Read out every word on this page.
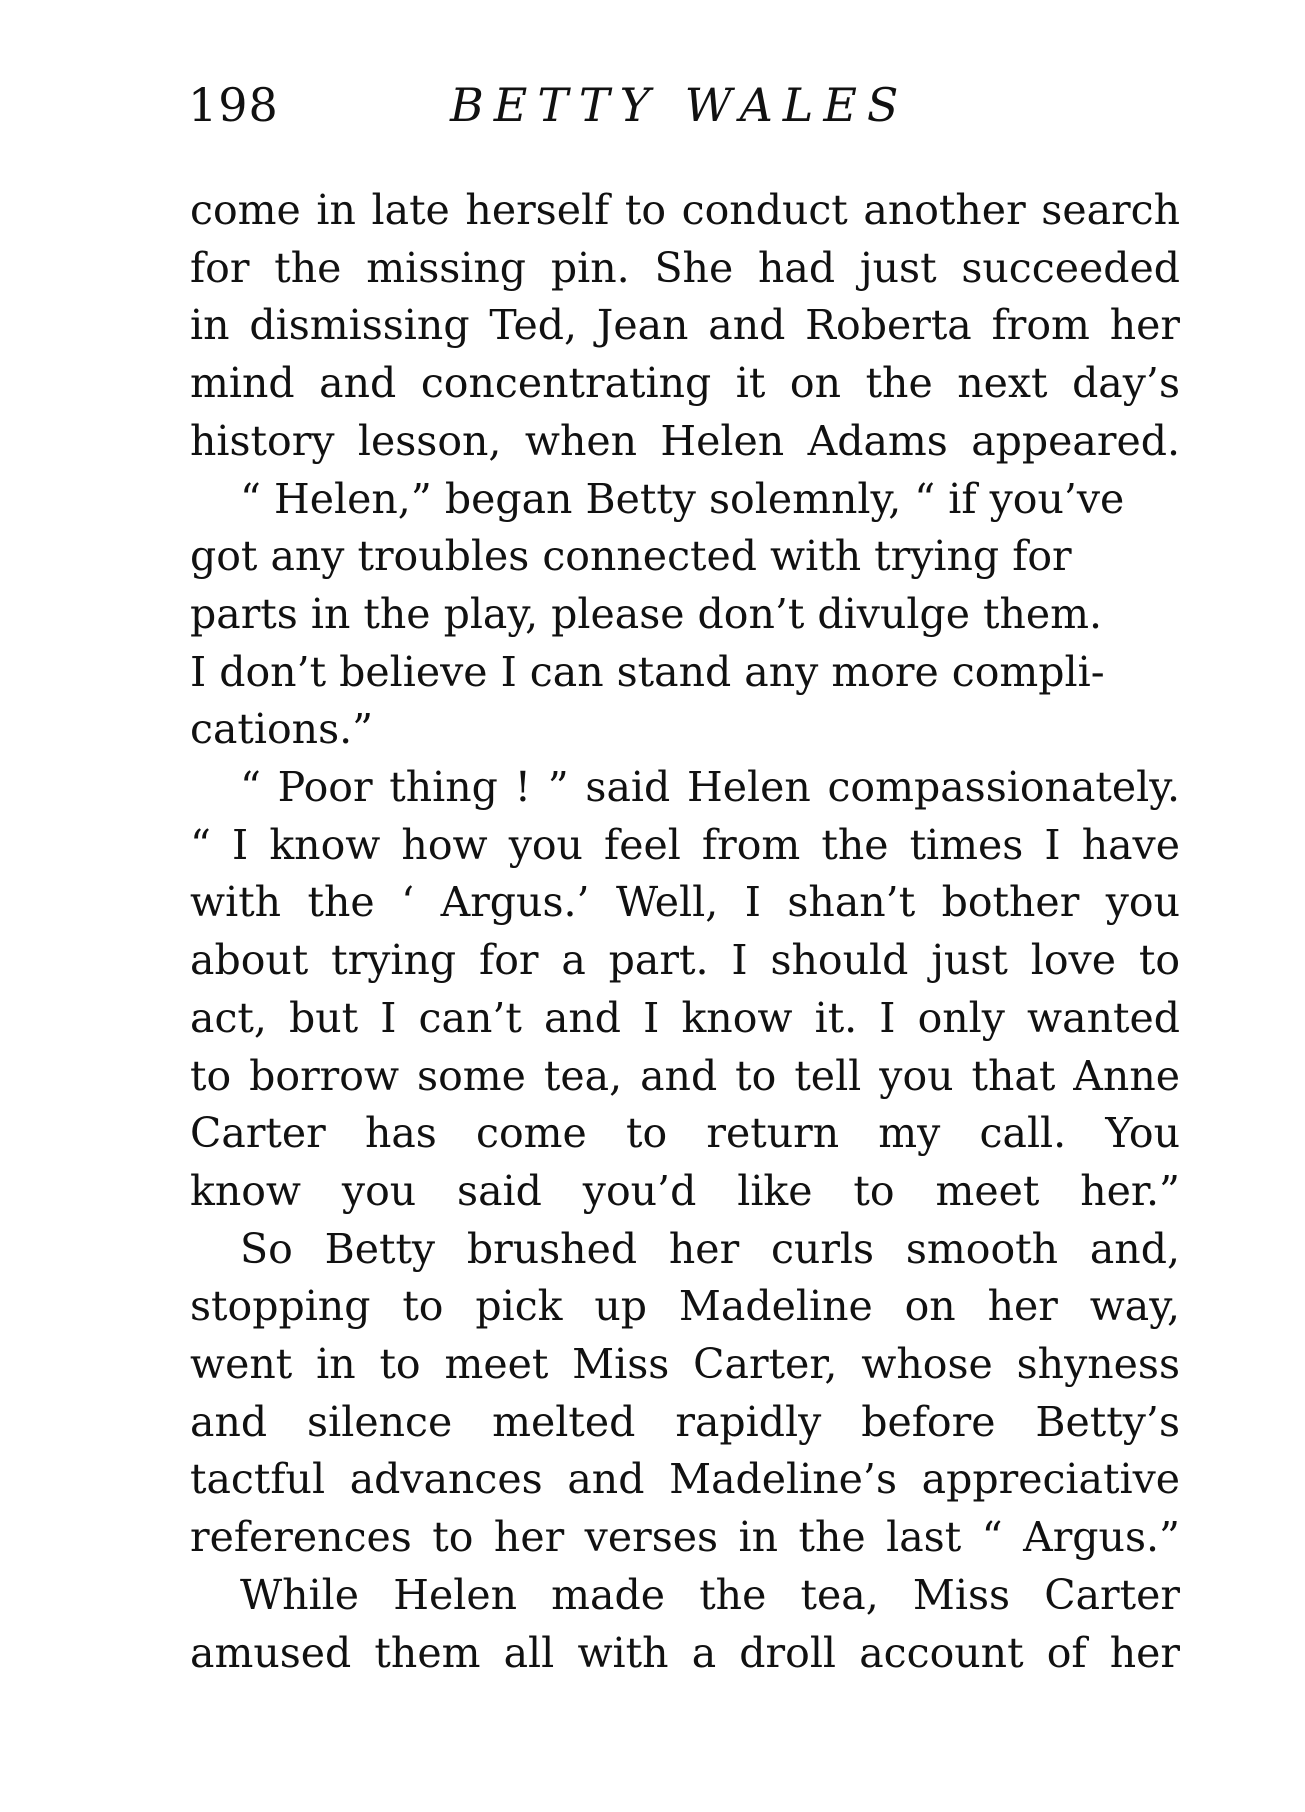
198	BETTY WALES

come in late herself to conduct another search
for the missing pin. She had just succeeded
in dismissing Ted, Jean and Roberta from her
mind and concentrating it on the next day’s
history lesson, when Helen Adams appeared.

“ Helen,” began Betty solemnly, “ if you’ve
got any troubles connected with trying for
parts in the play, please don’t divulge them.
I don’t believe I can stand any more compli-
cations.”

“ Poor thing ! ” said Helen compassionately.
“ I know how you feel from the times I have
with the ‘ Argus.’ Well, I shan’t bother you
about trying for a part. I should just love to
act, but I can’t and I know it. I only wanted
to borrow some tea, and to tell you that Anne
Carter has come to return my call. You
know you said you’d like to meet her.”

So Betty brushed her curls smooth and,
stopping to pick up Madeline on her way,
went in to meet Miss Carter, whose shyness
and silence melted rapidly before Betty’s
tactful advances and Madeline’s appreciative
references to her verses in the last “ Argus.”

While Helen made the tea, Miss Carter
amused them all with a droll account of her
